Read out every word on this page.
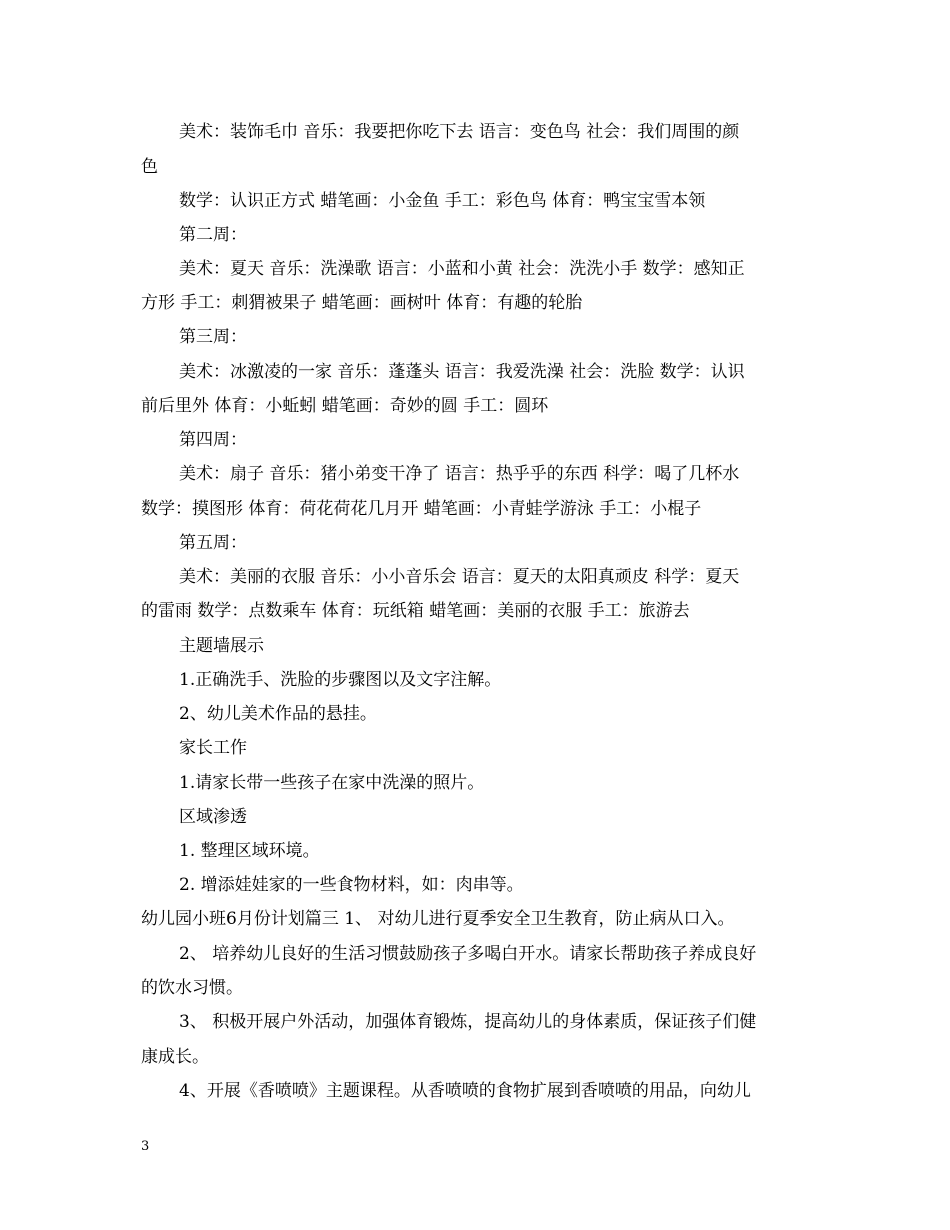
美术：装饰毛巾 音乐：我要把你吃下去 语言：变色鸟 社会：我们周围的颜
色
数学：认识正方式 蜡笔画：小金鱼 手工：彩色鸟 体育：鸭宝宝雪本领
第二周：
美术：夏天 音乐：洗澡歌 语言：小蓝和小黄 社会：洗洗小手 数学：感知正
方形 手工：刺猬被果子 蜡笔画：画树叶 体育：有趣的轮胎
第三周：
美术：冰激凌的一家 音乐：蓬蓬头 语言：我爱洗澡 社会：洗脸 数学：认识
前后里外 体育：小蚯蚓 蜡笔画：奇妙的圆 手工：圆环
第四周：
美术：扇子 音乐：猪小弟变干净了 语言：热乎乎的东西 科学：喝了几杯水
数学：摸图形 体育：荷花荷花几月开 蜡笔画：小青蛙学游泳 手工：小棍子
第五周：
美术：美丽的衣服 音乐：小小音乐会 语言：夏天的太阳真顽皮 科学：夏天
的雷雨 数学：点数乘车 体育：玩纸箱 蜡笔画：美丽的衣服 手工：旅游去
主题墙展示
1.正确洗手、洗脸的步骤图以及文字注解。
2、幼儿美术作品的悬挂。
家长工作
1.请家长带一些孩子在家中洗澡的照片。
区域渗透
1. 整理区域环境。
2. 增添娃娃家的一些食物材料，如：肉串等。
幼儿园小班6月份计划篇三 1、 对幼儿进行夏季安全卫生教育，防止病从口入。
2、 培养幼儿良好的生活习惯鼓励孩子多喝白开水。请家长帮助孩子养成良好
的饮水习惯。
3、 积极开展户外活动，加强体育锻炼，提高幼儿的身体素质，保证孩子们健
康成长。
4、开展《香喷喷》主题课程。从香喷喷的食物扩展到香喷喷的用品，向幼儿
3
